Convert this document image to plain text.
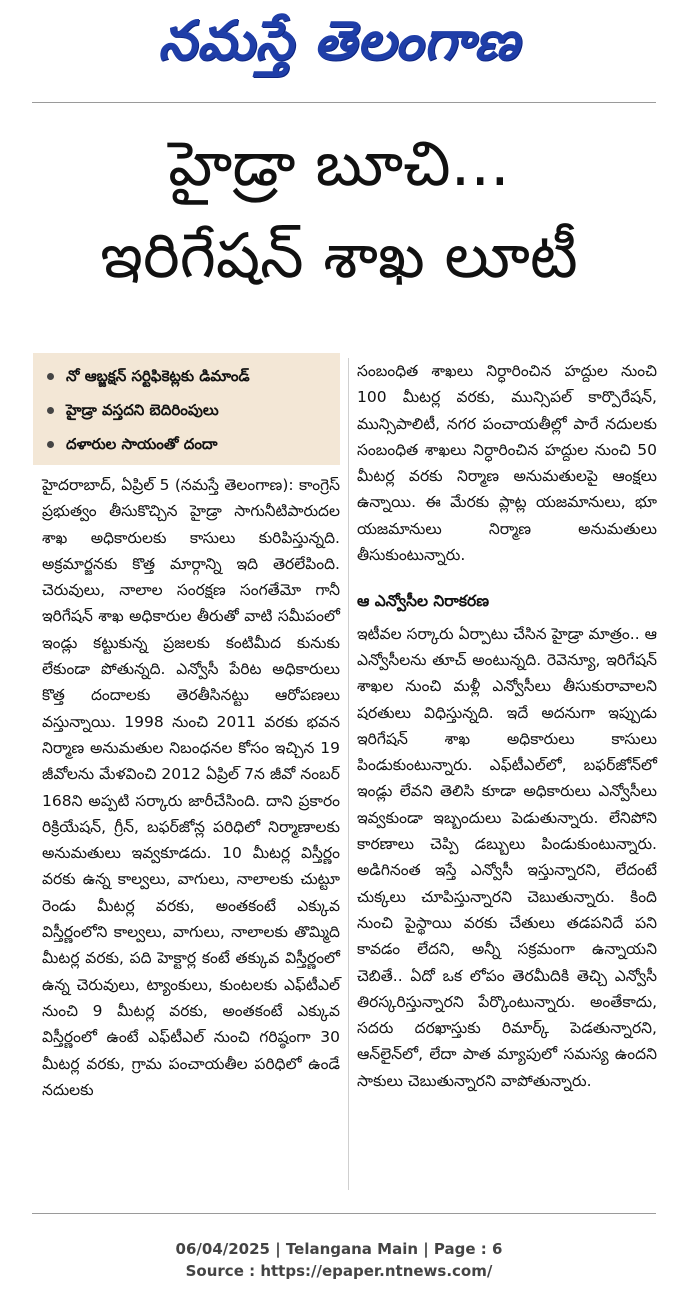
నమస్తే తెలంగాణ
హైడ్రా బూచి...
ఇరిగేషన్ శాఖ లూటీ
నో ఆబ్జక్షన్ సర్టిఫికెట్లకు డిమాండ్
హైడ్రా వస్తదని బెదిరింపులు
దళారుల సాయంతో దందా

హైదరాబాద్, ఏప్రిల్ 5 (నమస్తే తెలంగాణ): కాంగ్రెస్ ప్రభుత్వం తీసుకొచ్చిన హైడ్రా సాగునీటిపారుదల శాఖ అధికారులకు కాసులు కురిపిస్తున్నది. అక్రమార్జనకు కొత్త మార్గాన్ని ఇది తెరలేపింది. చెరువులు, నాలాల సంరక్షణ సంగతేమో గానీ ఇరిగేషన్ శాఖ అధికారుల తీరుతో వాటి సమీపంలో ఇండ్లు కట్టుకున్న ప్రజలకు కంటిమీద కునుకు లేకుండా పోతున్నది. ఎన్వోసీ పేరిట అధికారులు కొత్త దందాలకు తెరతీసినట్టు ఆరోపణలు వస్తున్నాయి. 1998 నుంచి 2011 వరకు భవన నిర్మాణ అనుమతుల నిబంధనల కోసం ఇచ్చిన 19 జీవోలను మేళవించి 2012 ఏప్రిల్ 7న జీవో నంబర్ 168ని అప్పటి సర్కారు జారీచేసింది. దాని ప్రకారం రిక్రియేషన్, గ్రీన్, బఫర్‌జోన్ల పరిధిలో నిర్మాణాలకు అనుమతులు ఇవ్వకూడదు. 10 మీటర్ల విస్తీర్ణం వరకు ఉన్న కాల్వలు, వాగులు, నాలాలకు చుట్టూ రెండు మీటర్ల వరకు, అంతకంటే ఎక్కువ విస్తీర్ణంలోని కాల్వలు, వాగులు, నాలాలకు తొమ్మిది మీటర్ల వరకు, పది హెక్టార్ల కంటే తక్కువ విస్తీర్ణంలో ఉన్న చెరువులు, ట్యాంకులు, కుంటలకు ఎఫ్‌టీఎల్ నుంచి 9 మీటర్ల వరకు, అంతకంటే ఎక్కువ విస్తీర్ణంలో ఉంటే ఎఫ్‌టీఎల్ నుంచి గరిష్ఠంగా 30 మీటర్ల వరకు, గ్రామ పంచాయతీల పరిధిలో ఉండే నదులకు

సంబంధిత శాఖలు నిర్ధారించిన హద్దుల నుంచి 100 మీటర్ల వరకు, మున్సిపల్ కార్పొరేషన్, మున్సిపాలిటీ, నగర పంచాయతీల్లో పారే నదులకు సంబంధిత శాఖలు నిర్ధారించిన హద్దుల నుంచి 50 మీటర్ల వరకు నిర్మాణ అనుమతులపై ఆంక్షలు ఉన్నాయి. ఈ మేరకు ప్లాట్ల యజమానులు, భూ యజమానులు నిర్మాణ అనుమతులు తీసుకుంటున్నారు.

ఆ ఎన్వోసీల నిరాకరణ

ఇటీవల సర్కారు ఏర్పాటు చేసిన హైడ్రా మాత్రం.. ఆ ఎన్వోసీలను తూచ్ అంటున్నది. రెవెన్యూ, ఇరిగేషన్ శాఖల నుంచి మళ్లీ ఎన్వోసీలు తీసుకురావాలని షరతులు విధిస్తున్నది. ఇదే అదనుగా ఇప్పుడు ఇరిగేషన్ శాఖ అధికారులు కాసులు పిండుకుంటున్నారు. ఎఫ్‌టీఎల్‌లో, బఫర్‌జోన్‌లో ఇండ్లు లేవని తెలిసి కూడా అధికారులు ఎన్వోసీలు ఇవ్వకుండా ఇబ్బందులు పెడుతున్నారు. లేనిపోని కారణాలు చెప్పి డబ్బులు పిండుకుంటున్నారు. అడిగినంత ఇస్తే ఎన్వోసీ ఇస్తున్నారని, లేదంటే చుక్కలు చూపిస్తున్నారని చెబుతున్నారు. కింది నుంచి పైస్థాయి వరకు చేతులు తడపనిదే పని కావడం లేదని, అన్నీ సక్రమంగా ఉన్నాయని చెబితే.. ఏదో ఒక లోపం తెరమీదికి తెచ్చి ఎన్వోసీ తిరస్కరిస్తున్నారని పేర్కొంటున్నారు. అంతేకాదు, సదరు దరఖాస్తుకు రిమార్క్ పెడతున్నారని, ఆన్‌లైన్‌లో, లేదా పాత మ్యాపులో సమస్య ఉందని సాకులు చెబుతున్నారని వాపోతున్నారు.

06/04/2025 | Telangana Main | Page : 6
Source : https://epaper.ntnews.com/
